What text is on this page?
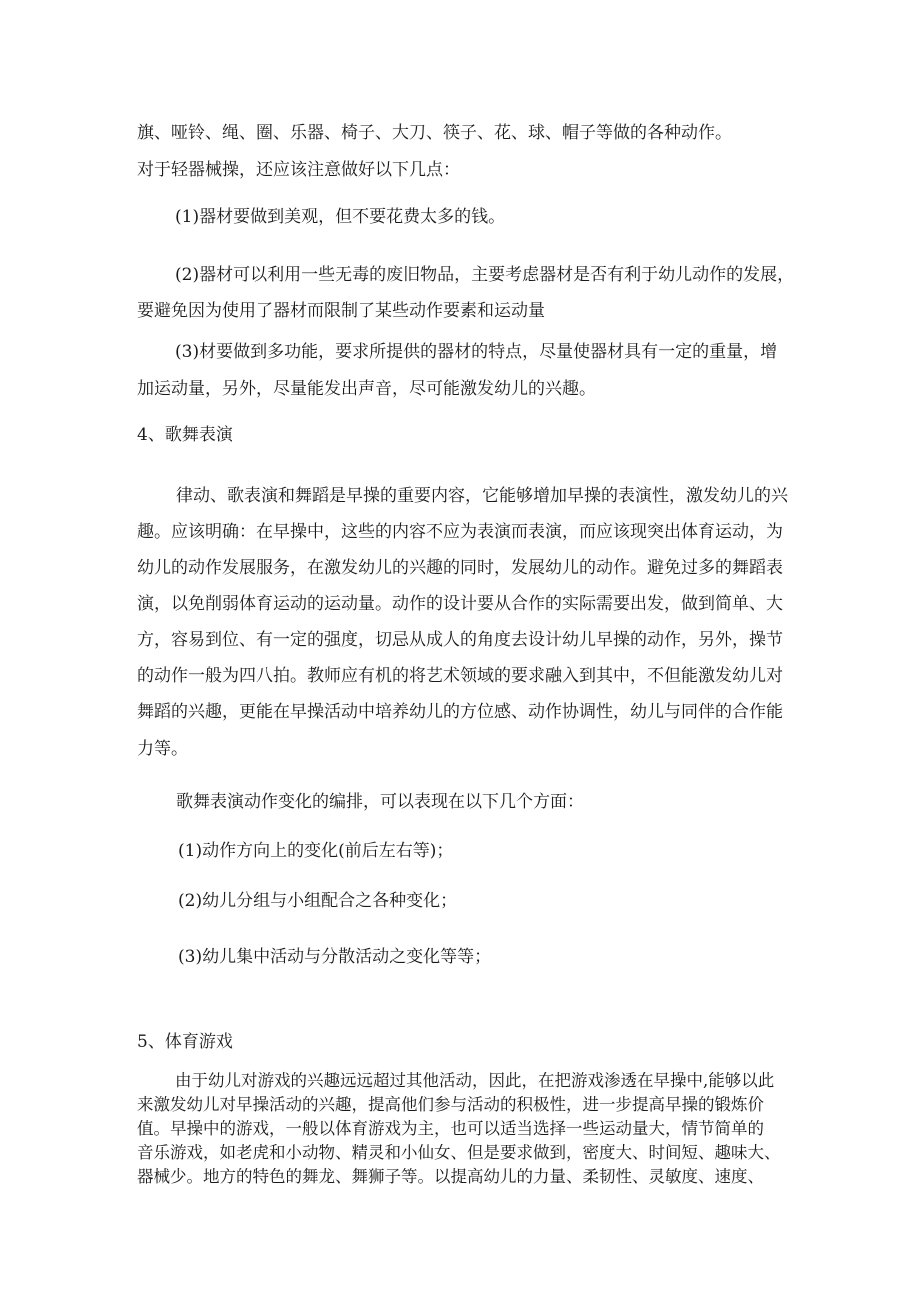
旗、哑铃、绳、圈、乐器、椅子、大刀、筷子、花、球、帽子等做的各种动作。

对于轻器械操，还应该注意做好以下几点：

(1)器材要做到美观，但不要花费太多的钱。

(2)器材可以利用一些无毒的废旧物品，主要考虑器材是否有利于幼儿动作的发展，

要避免因为使用了器材而限制了某些动作要素和运动量

(3)材要做到多功能，要求所提供的器材的特点，尽量使器材具有一定的重量，增

加运动量，另外，尽量能发出声音，尽可能激发幼儿的兴趣。

4、歌舞表演

律动、歌表演和舞蹈是早操的重要内容，它能够增加早操的表演性，激发幼儿的兴

趣。应该明确：在早操中，这些的内容不应为表演而表演，而应该现突出体育运动，为

幼儿的动作发展服务，在激发幼儿的兴趣的同时，发展幼儿的动作。避免过多的舞蹈表

演，以免削弱体育运动的运动量。动作的设计要从合作的实际需要出发，做到简单、大

方，容易到位、有一定的强度，切忌从成人的角度去设计幼儿早操的动作，另外，操节

的动作一般为四八拍。教师应有机的将艺术领域的要求融入到其中，不但能激发幼儿对

舞蹈的兴趣，更能在早操活动中培养幼儿的方位感、动作协调性，幼儿与同伴的合作能

力等。

歌舞表演动作变化的编排，可以表现在以下几个方面：

(1)动作方向上的变化(前后左右等)；

(2)幼儿分组与小组配合之各种变化；

(3)幼儿集中活动与分散活动之变化等等；

5、体育游戏

由于幼儿对游戏的兴趣远远超过其他活动，因此，在把游戏渗透在早操中,能够以此

来激发幼儿对早操活动的兴趣，提高他们参与活动的积极性，进一步提高早操的锻炼价

值。早操中的游戏，一般以体育游戏为主，也可以适当选择一些运动量大，情节简单的

音乐游戏，如老虎和小动物、精灵和小仙女、但是要求做到，密度大、时间短、趣味大、

器械少。地方的特色的舞龙、舞狮子等。以提高幼儿的力量、柔韧性、灵敏度、速度、
